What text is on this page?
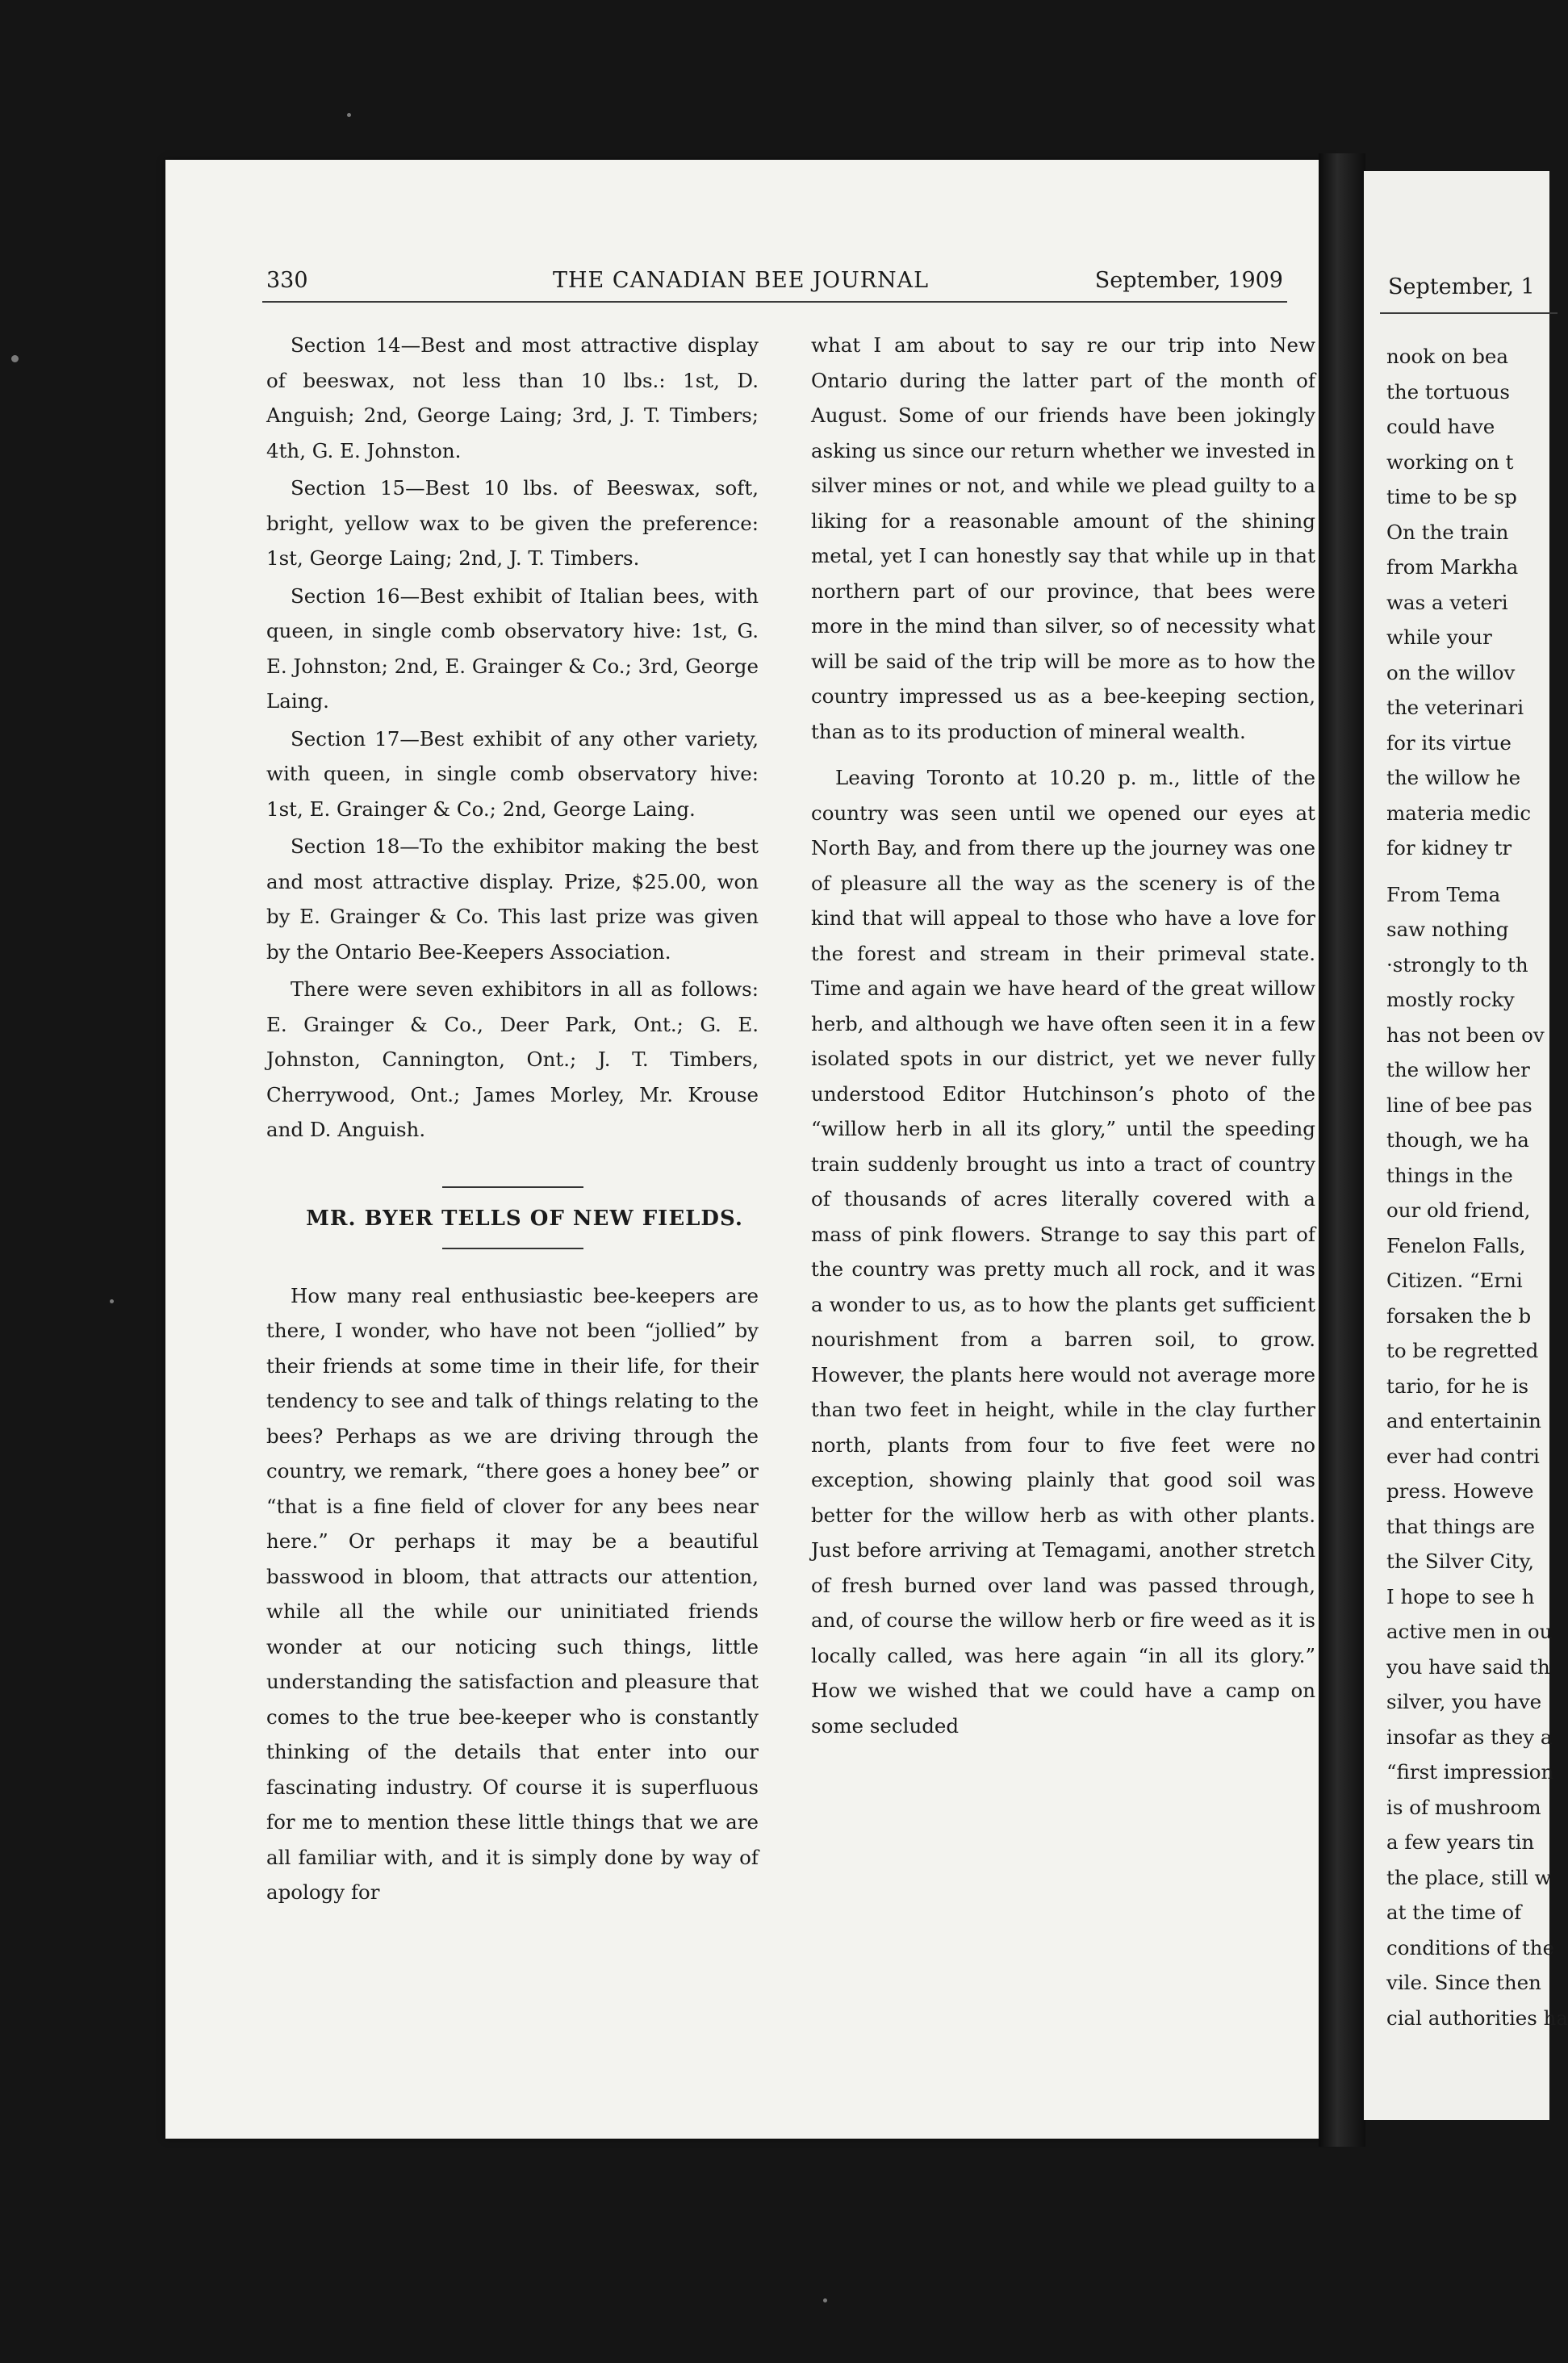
330	THE CANADIAN BEE JOURNAL	September, 1909

Section 14—Best and most attractive display of beeswax, not less than 10 lbs.: 1st, D. Anguish; 2nd, George Laing; 3rd, J. T. Timbers; 4th, G. E. Johnston.

Section 15—Best 10 lbs. of Beeswax, soft, bright, yellow wax to be given the preference: 1st, George Laing; 2nd, J. T. Timbers.

Section 16—Best exhibit of Italian bees, with queen, in single comb observatory hive: 1st, G. E. Johnston; 2nd, E. Grainger & Co.; 3rd, George Laing.

Section 17—Best exhibit of any other variety, with queen, in single comb observatory hive: 1st, E. Grainger & Co.; 2nd, George Laing.

Section 18—To the exhibitor making the best and most attractive display. Prize, $25.00, won by E. Grainger & Co. This last prize was given by the Ontario Bee-Keepers Association.

There were seven exhibitors in all as follows: E. Grainger & Co., Deer Park, Ont.; G. E. Johnston, Cannington, Ont.; J. T. Timbers, Cherrywood, Ont.; James Morley, Mr. Krouse and D. Anguish.

MR. BYER TELLS OF NEW FIELDS.

How many real enthusiastic bee-keepers are there, I wonder, who have not been “jollied” by their friends at some time in their life, for their tendency to see and talk of things relating to the bees? Perhaps as we are driving through the country, we remark, “there goes a honey bee” or “that is a fine field of clover for any bees near here.” Or perhaps it may be a beautiful basswood in bloom, that attracts our attention, while all the while our uninitiated friends wonder at our noticing such things, little understanding the satisfaction and pleasure that comes to the true bee-keeper who is constantly thinking of the details that enter into our fascinating industry. Of course it is superfluous for me to mention these little things that we are all familiar with, and it is simply done by way of apology for

what I am about to say re our trip into New Ontario during the latter part of the month of August. Some of our friends have been jokingly asking us since our return whether we invested in silver mines or not, and while we plead guilty to a liking for a reasonable amount of the shining metal, yet I can honestly say that while up in that northern part of our province, that bees were more in the mind than silver, so of necessity what will be said of the trip will be more as to how the country impressed us as a bee-keeping section, than as to its production of mineral wealth.

Leaving Toronto at 10.20 p. m., little of the country was seen until we opened our eyes at North Bay, and from there up the journey was one of pleasure all the way as the scenery is of the kind that will appeal to those who have a love for the forest and stream in their primeval state. Time and again we have heard of the great willow herb, and although we have often seen it in a few isolated spots in our district, yet we never fully understood Editor Hutchinson’s photo of the “willow herb in all its glory,” until the speeding train suddenly brought us into a tract of country of thousands of acres literally covered with a mass of pink flowers. Strange to say this part of the country was pretty much all rock, and it was a wonder to us, as to how the plants get sufficient nourishment from a barren soil, to grow. However, the plants here would not average more than two feet in height, while in the clay further north, plants from four to five feet were no exception, showing plainly that good soil was better for the willow herb as with other plants. Just before arriving at Temagami, another stretch of fresh burned over land was passed through, and, of course the willow herb or fire weed as it is locally called, was here again “in all its glory.” How we wished that we could have a camp on some secluded

September, 1
nook on bea
the tortuous
could have
working on t
time to be sp
On the train
from Markha
was a veteri
while your
on the willov
the veterinari
for its virtue
the willow he
materia medic
for kidney tr
From Tema
saw nothing
·strongly to th
mostly rocky
has not been ov
the willow her
line of bee pas
though, we ha
things in the
our old friend,
Fenelon Falls,
Citizen. “Erni
forsaken the b
to be regretted
tario, for he is
and entertainin
ever had contri
press. Howeve
that things are
the Silver City,
I hope to see h
active men in ou
you have said th
silver, you have
insofar as they a
“first impression
is of mushroom
a few years tin
the place, still w
at the time of
conditions of the
vile. Since then
cial authorities ha
